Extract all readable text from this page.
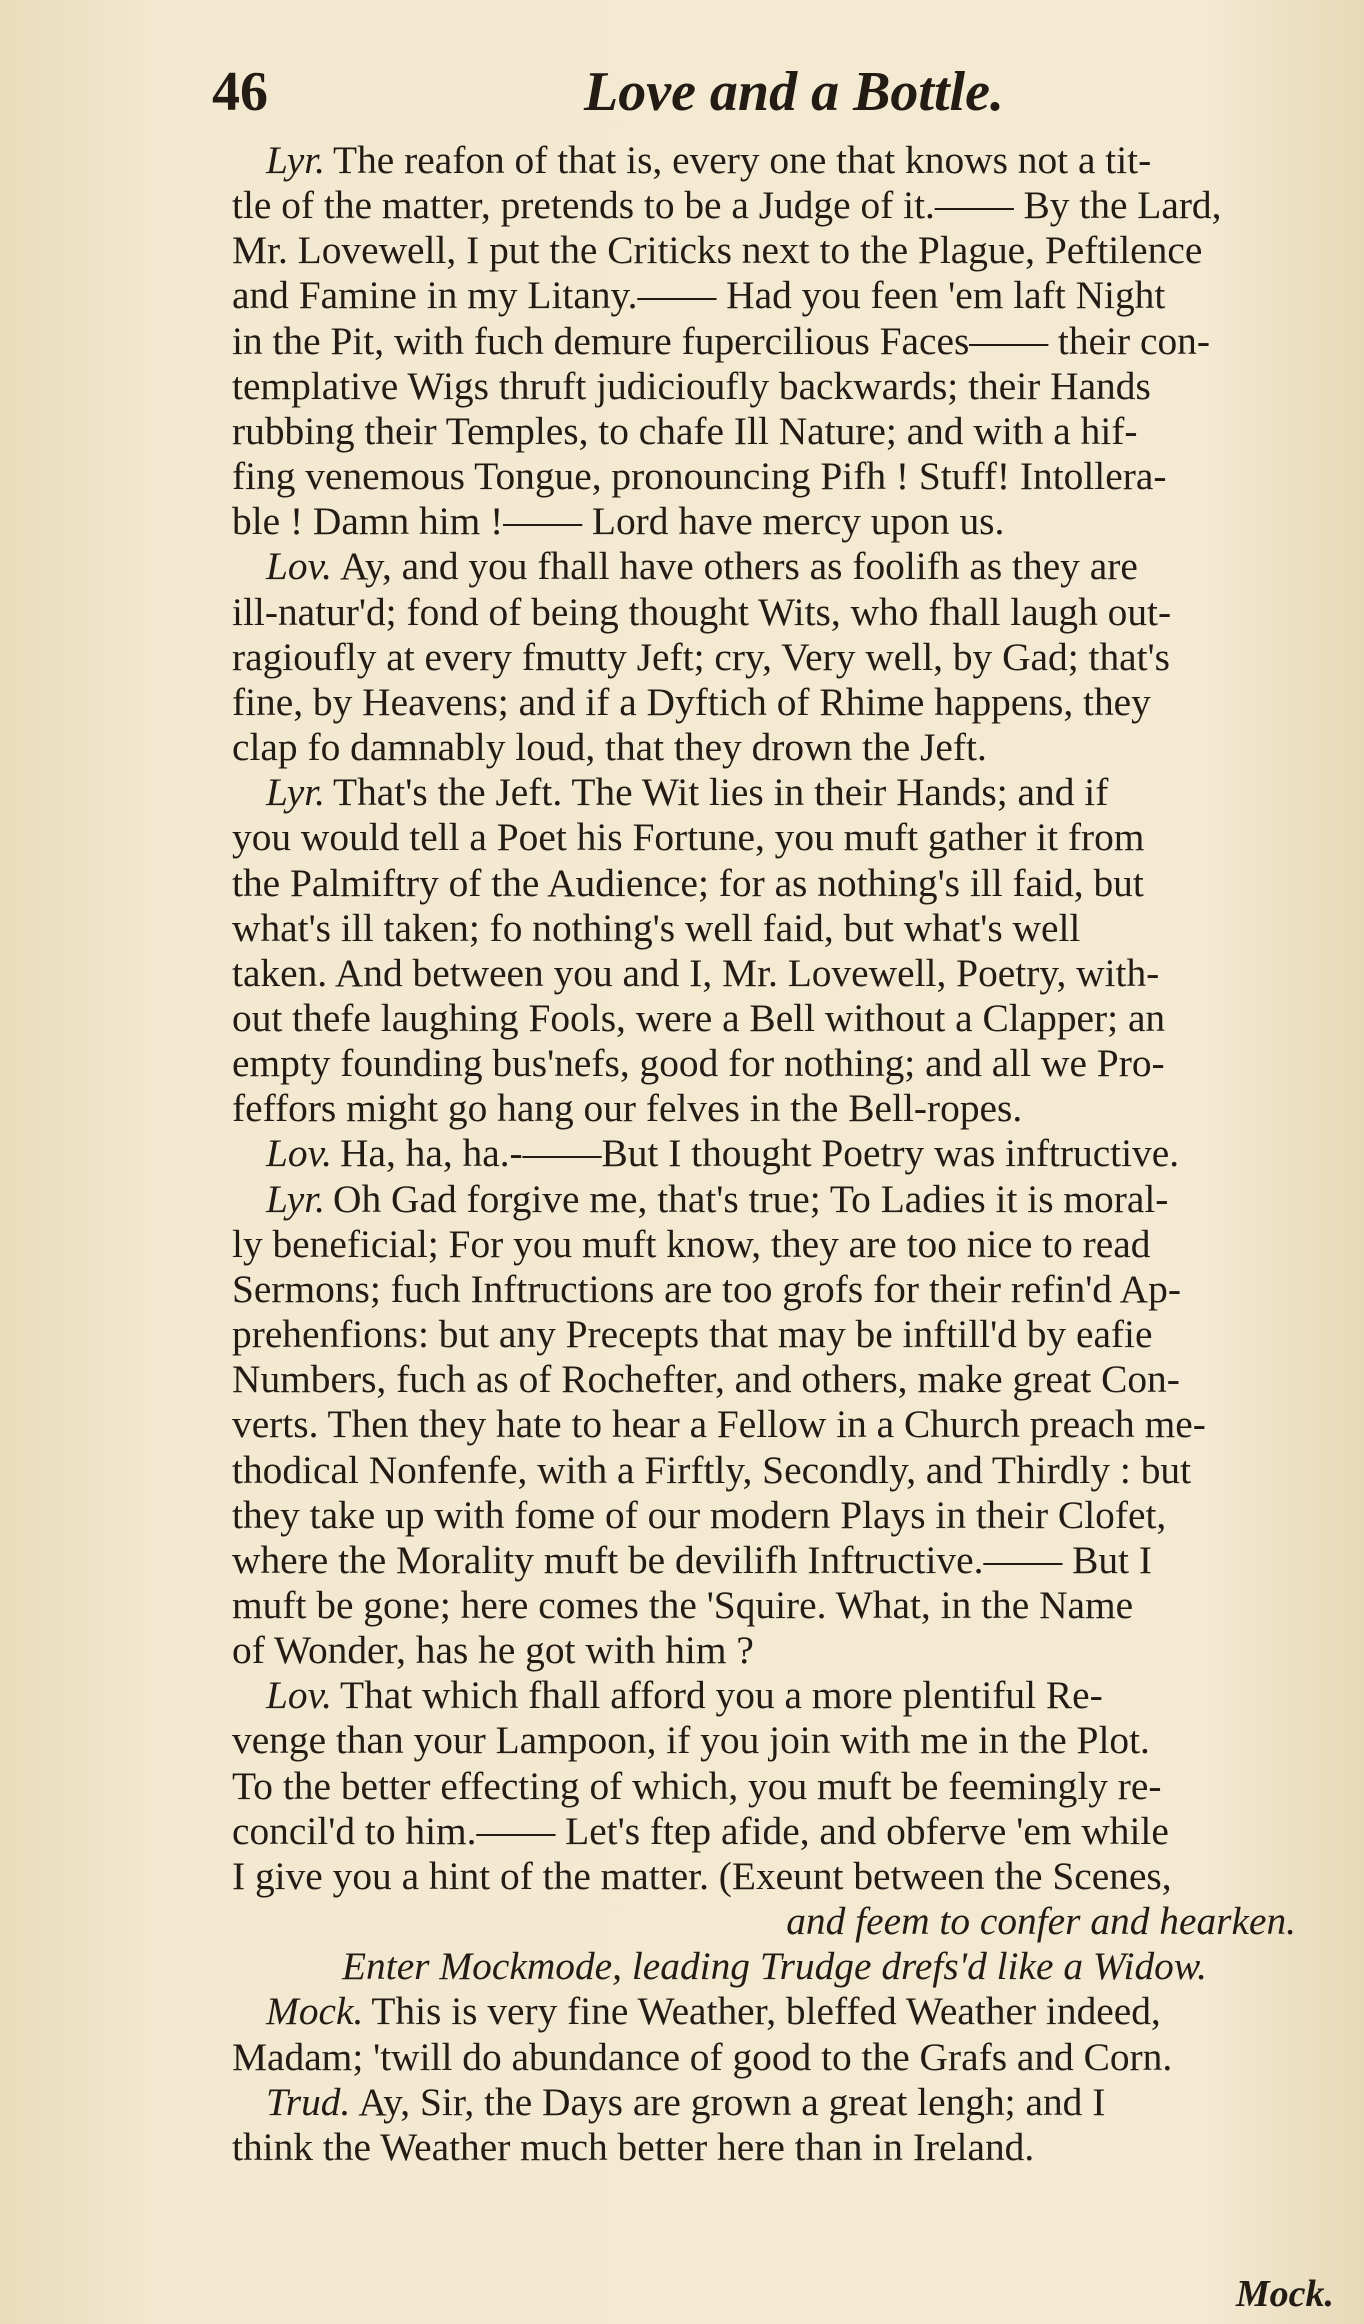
46	Love and a Bottle.

Lyr. The reafon of that is, every one that knows not a tit-
tle of the matter, pretends to be a Judge of it.—— By the Lard,
Mr. Lovewell, I put the Criticks next to the Plague, Peftilence
and Famine in my Litany.—— Had you feen 'em laft Night
in the Pit, with fuch demure fupercilious Faces—— their con-
templative Wigs thruft judicioufly backwards; their Hands
rubbing their Temples, to chafe Ill Nature; and with a hif-
fing venemous Tongue, pronouncing Pifh ! Stuff! Intollera-
ble ! Damn him !—— Lord have mercy upon us.

Lov. Ay, and you fhall have others as foolifh as they are
ill-natur'd; fond of being thought Wits, who fhall laugh out-
ragioufly at every fmutty Jeft; cry, Very well, by Gad; that's
fine, by Heavens; and if a Dyftich of Rhime happens, they
clap fo damnably loud, that they drown the Jeft.

Lyr. That's the Jeft. The Wit lies in their Hands; and if
you would tell a Poet his Fortune, you muft gather it from
the Palmiftry of the Audience; for as nothing's ill faid, but
what's ill taken; fo nothing's well faid, but what's well
taken. And between you and I, Mr. Lovewell, Poetry, with-
out thefe laughing Fools, were a Bell without a Clapper; an
empty founding bus'nefs, good for nothing; and all we Pro-
feffors might go hang our felves in the Bell-ropes.

Lov. Ha, ha, ha.-——But I thought Poetry was inftructive.

Lyr. Oh Gad forgive me, that's true; To Ladies it is moral-
ly beneficial; For you muft know, they are too nice to read
Sermons; fuch Inftructions are too grofs for their refin'd Ap-
prehenfions: but any Precepts that may be inftill'd by eafie
Numbers, fuch as of Rochefter, and others, make great Con-
verts. Then they hate to hear a Fellow in a Church preach me-
thodical Nonfenfe, with a Firftly, Secondly, and Thirdly : but
they take up with fome of our modern Plays in their Clofet,
where the Morality muft be devilifh Inftructive.—— But I
muft be gone; here comes the 'Squire. What, in the Name
of Wonder, has he got with him ?

Lov. That which fhall afford you a more plentiful Re-
venge than your Lampoon, if you join with me in the Plot.
To the better effecting of which, you muft be feemingly re-
concil'd to him.—— Let's ftep afide, and obferve 'em while
I give you a hint of the matter. (Exeunt between the Scenes,

and feem to confer and hearken.
Enter Mockmode, leading Trudge drefs'd like a Widow.

Mock. This is very fine Weather, bleffed Weather indeed,
Madam; 'twill do abundance of good to the Grafs and Corn.

Trud. Ay, Sir, the Days are grown a great lengh; and I
think the Weather much better here than in Ireland.

Mock.
